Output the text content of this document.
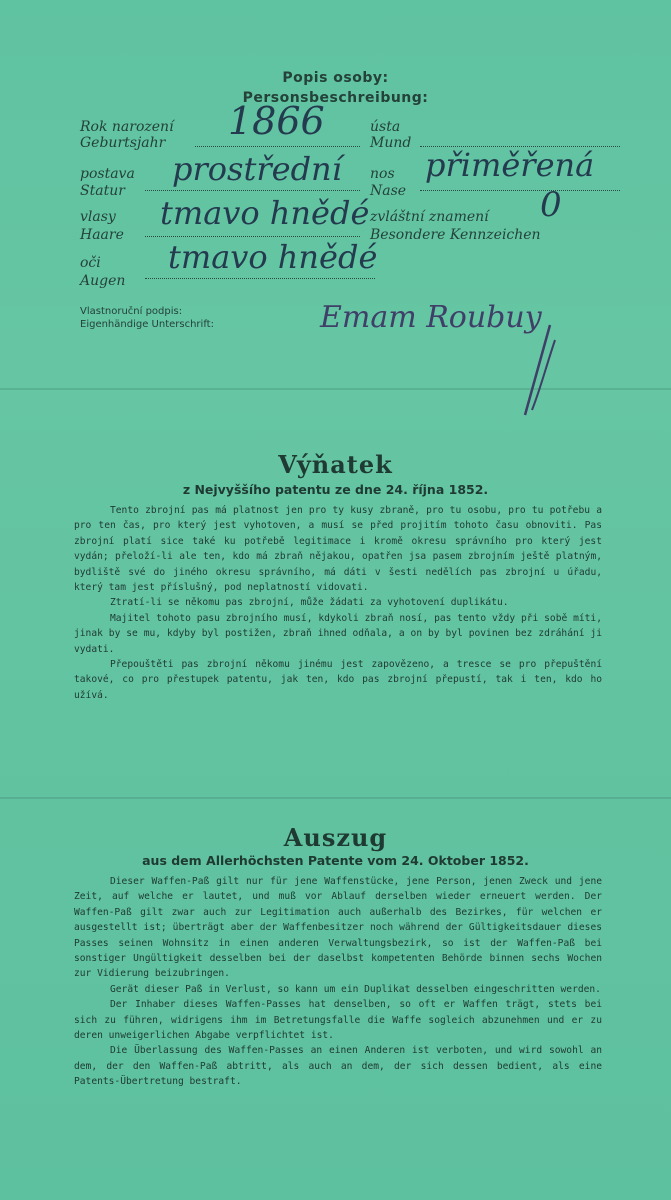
Popis osoby:
Personsbeschreibung:
Rok narození
Geburtsjahr
postava
Statur
vlasy
Haare
oči
Augen
ústa
Mund
nos
Nase
zvláštní znamení
Besondere Kennzeichen
1866
prostřední
tmavo hnědé
tmavo hnědé
přiměřená
0
Vlastnoruční podpis:
Eigenhändige Unterschrift:	Emam Roubuy
Výňatek
z Nejvyššího patentu ze dne 24. října 1852.

Tento zbrojní pas má platnost jen pro ty kusy zbraně, pro tu osobu, pro tu potřebu a pro ten čas, pro který jest vyhotoven, a musí se před projitím tohoto času obnoviti. Pas zbrojní platí sice také ku potřebě legitimace i kromě okresu správního pro který jest vydán; přeloží-li ale ten, kdo má zbraň nějakou, opatřen jsa pasem zbrojním ještě platným, bydliště své do jiného okresu správního, má dáti v šesti nedělích pas zbrojní u úřadu, který tam jest příslušný, pod neplatností vidovati.

Ztratí-li se někomu pas zbrojní, může žádati za vyhotovení duplikátu.

Majitel tohoto pasu zbrojního musí, kdykoli zbraň nosí, pas tento vždy při sobě míti, jinak by se mu, kdyby byl postižen, zbraň ihned odňala, a on by byl povinen bez zdráhání ji vydati.

Přepouštěti pas zbrojní někomu jinému jest zapovězeno, a tresce se pro přepuštění takové, co pro přestupek patentu, jak ten, kdo pas zbrojní přepustí, tak i ten, kdo ho užívá.

Auszug
aus dem Allerhöchsten Patente vom 24. Oktober 1852.

Dieser Waffen-Paß gilt nur für jene Waffenstücke, jene Person, jenen Zweck und jene Zeit, auf welche er lautet, und muß vor Ablauf derselben wieder erneuert werden. Der Waffen-Paß gilt zwar auch zur Legitimation auch außerhalb des Bezirkes, für welchen er ausgestellt ist; überträgt aber der Waffenbesitzer noch während der Gültigkeitsdauer dieses Passes seinen Wohnsitz in einen anderen Verwaltungsbezirk, so ist der Waffen-Paß bei sonstiger Ungültigkeit desselben bei der daselbst kompetenten Behörde binnen sechs Wochen zur Vidierung beizubringen.

Gerät dieser Paß in Verlust, so kann um ein Duplikat desselben eingeschritten werden.

Der Inhaber dieses Waffen-Passes hat denselben, so oft er Waffen trägt, stets bei sich zu führen, widrigens ihm im Betretungsfalle die Waffe sogleich abzunehmen und er zu deren unweigerlichen Abgabe verpflichtet ist.

Die Überlassung des Waffen-Passes an einen Anderen ist verboten, und wird sowohl an dem, der den Waffen-Paß abtritt, als auch an dem, der sich dessen bedient, als eine Patents-Übertretung bestraft.
